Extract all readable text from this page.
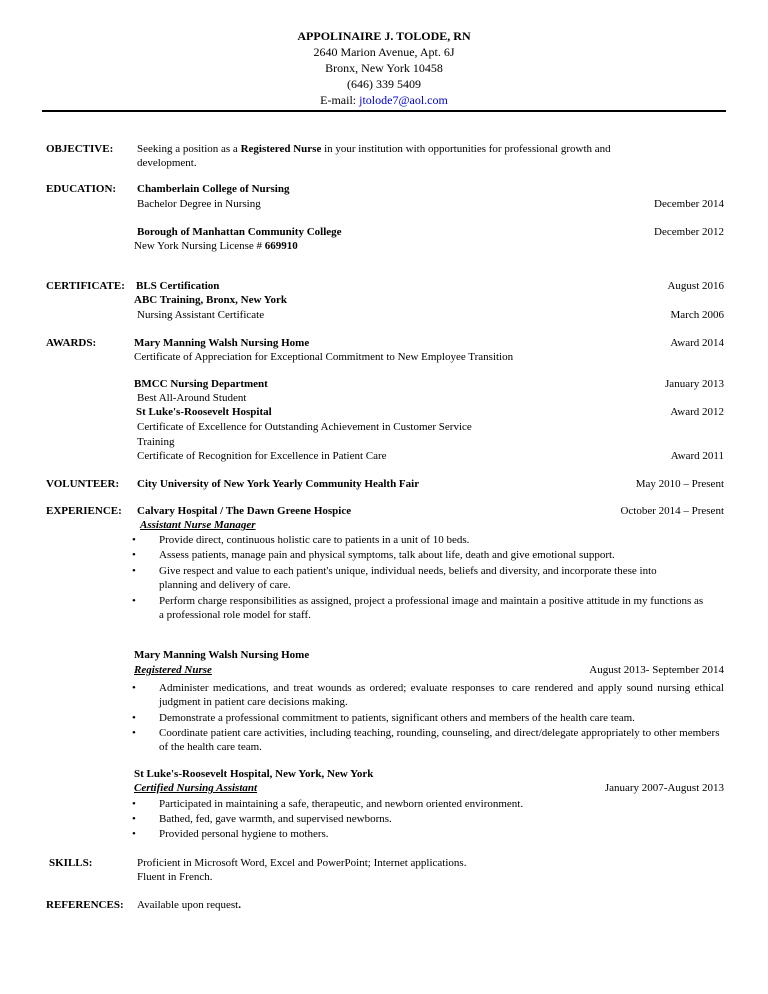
APPOLINAIRE J. TOLODE, RN
2640 Marion Avenue, Apt. 6J
Bronx, New York 10458
(646) 339 5409
E-mail: jtolode7@aol.com
OBJECTIVE: Seeking a position as a Registered Nurse in your institution with opportunities for professional growth and
development.
EDUCATION: Chamberlain College of Nursing
Bachelor Degree in Nursing	December 2014
Borough of Manhattan Community College	December 2012
New York Nursing License # 669910
CERTIFICATE: BLS Certification	August 2016
ABC Training, Bronx, New York
Nursing Assistant Certificate	March 2006
AWARDS:	Mary Manning Walsh Nursing Home	Award 2014
Certificate of Appreciation for Exceptional Commitment to New Employee Transition
BMCC Nursing Department	January 2013
Best All-Around Student
St Luke's-Roosevelt Hospital	Award 2012
Certificate of Excellence for Outstanding Achievement in Customer Service
Training
Certificate of Recognition for Excellence in Patient Care	Award 2011
VOLUNTEER: City University of New York Yearly Community Health Fair	May 2010 – Present
EXPERIENCE: Calvary Hospital / The Dawn Greene Hospice	October 2014 – Present
Assistant Nurse Manager
• Provide direct, continuous holistic care to patients in a unit of 10 beds.
• Assess patients, manage pain and physical symptoms, talk about life, death and give emotional support.
• Give respect and value to each patient's unique, individual needs, beliefs and diversity, and incorporate these into planning and delivery of care.
• Perform charge responsibilities as assigned, project a professional image and maintain a positive attitude in my functions as a professional role model for staff.
Mary Manning Walsh Nursing Home
Registered Nurse	August 2013- September 2014
• Administer medications, and treat wounds as ordered; evaluate responses to care rendered and apply sound nursing ethical judgment in patient care decisions making.
• Demonstrate a professional commitment to patients, significant others and members of the health care team.
• Coordinate patient care activities, including teaching, rounding, counseling, and direct/delegate appropriately to other members of the health care team.
St Luke's-Roosevelt Hospital, New York, New York
Certified Nursing Assistant	January 2007-August 2013
• Participated in maintaining a safe, therapeutic, and newborn oriented environment.
• Bathed, fed, gave warmth, and supervised newborns.
• Provided personal hygiene to mothers.
SKILLS:	Proficient in Microsoft Word, Excel and PowerPoint; Internet applications.
Fluent in French.
REFERENCES: Available upon request.
